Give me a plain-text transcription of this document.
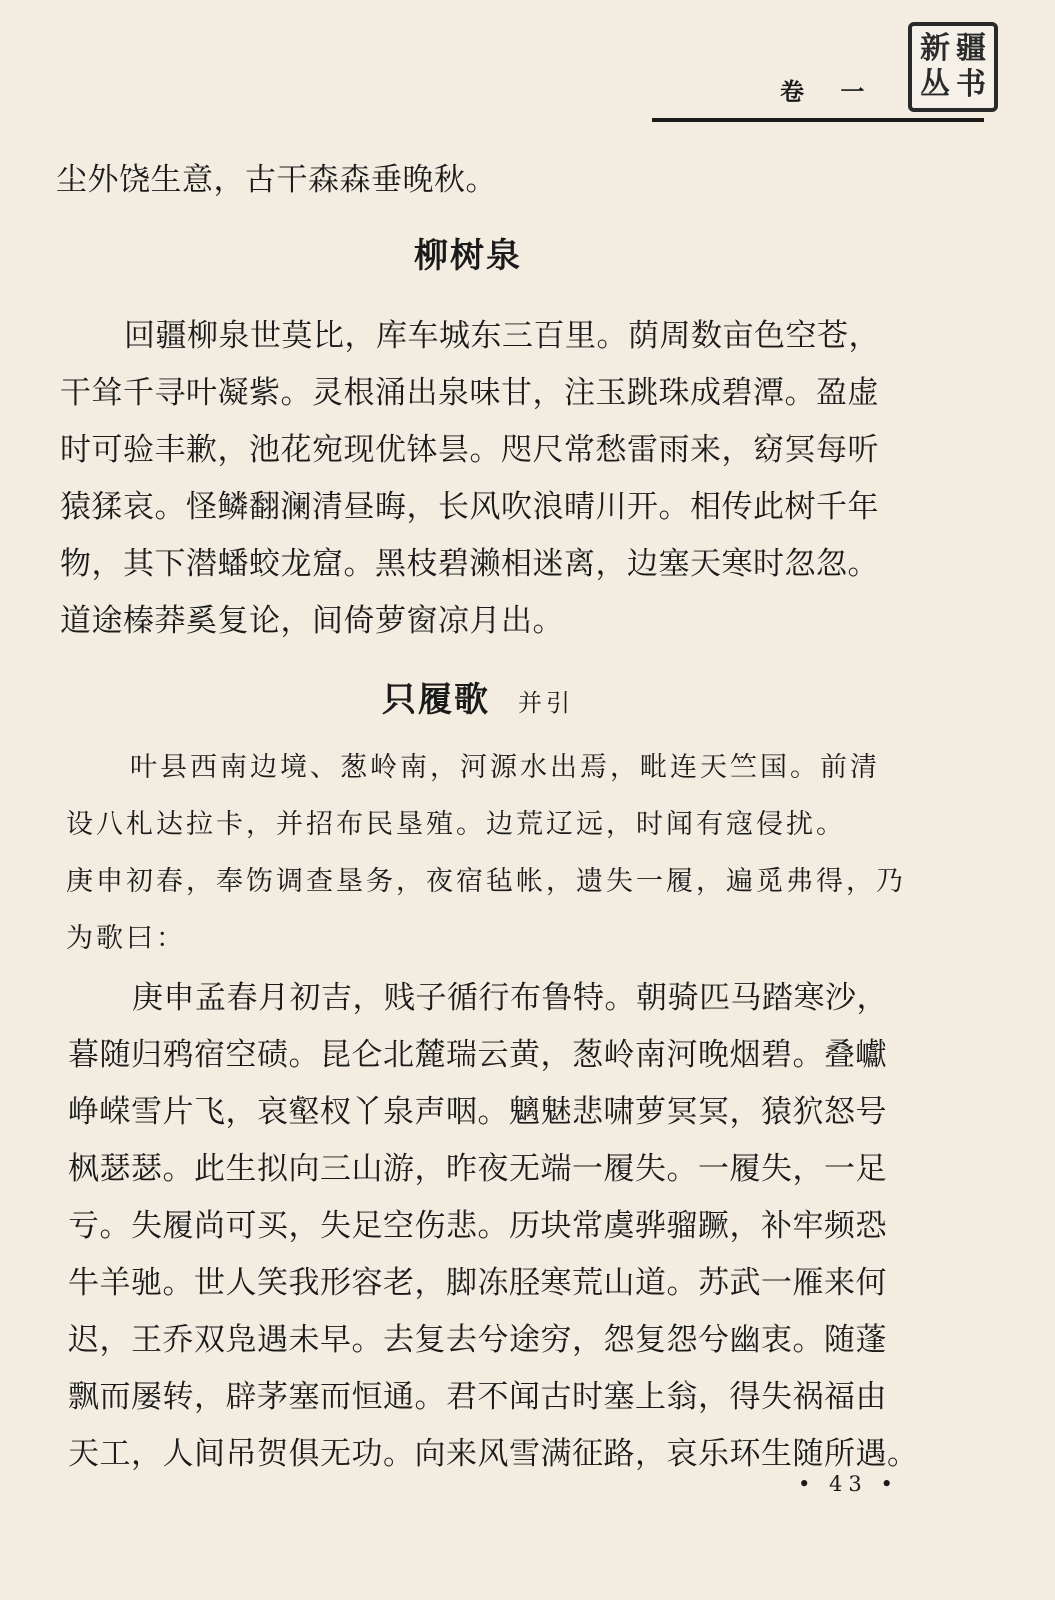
新 疆
丛 书
卷 一
尘外饶生意，古干森森垂晚秋。
柳树泉
回疆柳泉世莫比，库车城东三百里。荫周数亩色空苍，
干耸千寻叶凝紫。灵根涌出泉味甘，注玉跳珠成碧潭。盈虚
时可验丰歉，池花宛现优钵昙。咫尺常愁雷雨来，窈冥每听
猿猱哀。怪鳞翻澜清昼晦，长风吹浪晴川开。相传此树千年
物，其下潜蟠蛟龙窟。黑枝碧濑相迷离，边塞天寒时忽忽。
道途榛莽奚复论，间倚萝窗凉月出。
只履歌 并引
叶县西南边境、葱岭南，河源水出焉，毗连天竺国。前清
设八札达拉卡，并招布民垦殖。边荒辽远，时闻有寇侵扰。
庚申初春，奉饬调查垦务，夜宿毡帐，遗失一履，遍觅弗得，乃
为歌曰：
庚申孟春月初吉，贱子循行布鲁特。朝骑匹马踏寒沙，
暮随归鸦宿空碛。昆仑北麓瑞云黄，葱岭南河晚烟碧。叠巘
峥嵘雪片飞，哀壑杈丫泉声咽。魑魅悲啸萝冥冥，猿狖怒号
枫瑟瑟。此生拟向三山游，昨夜无端一履失。一履失，一足
亏。失履尚可买，失足空伤悲。历块常虞骅骝蹶，补牢频恐
牛羊驰。世人笑我形容老，脚冻胫寒荒山道。苏武一雁来何
迟，王乔双凫遇未早。去复去兮途穷，怨复怨兮幽衷。随蓬
飘而屡转，辟茅塞而恒通。君不闻古时塞上翁，得失祸福由
天工，人间吊贺俱无功。向来风雪满征路，哀乐环生随所遇。
• 43 •
